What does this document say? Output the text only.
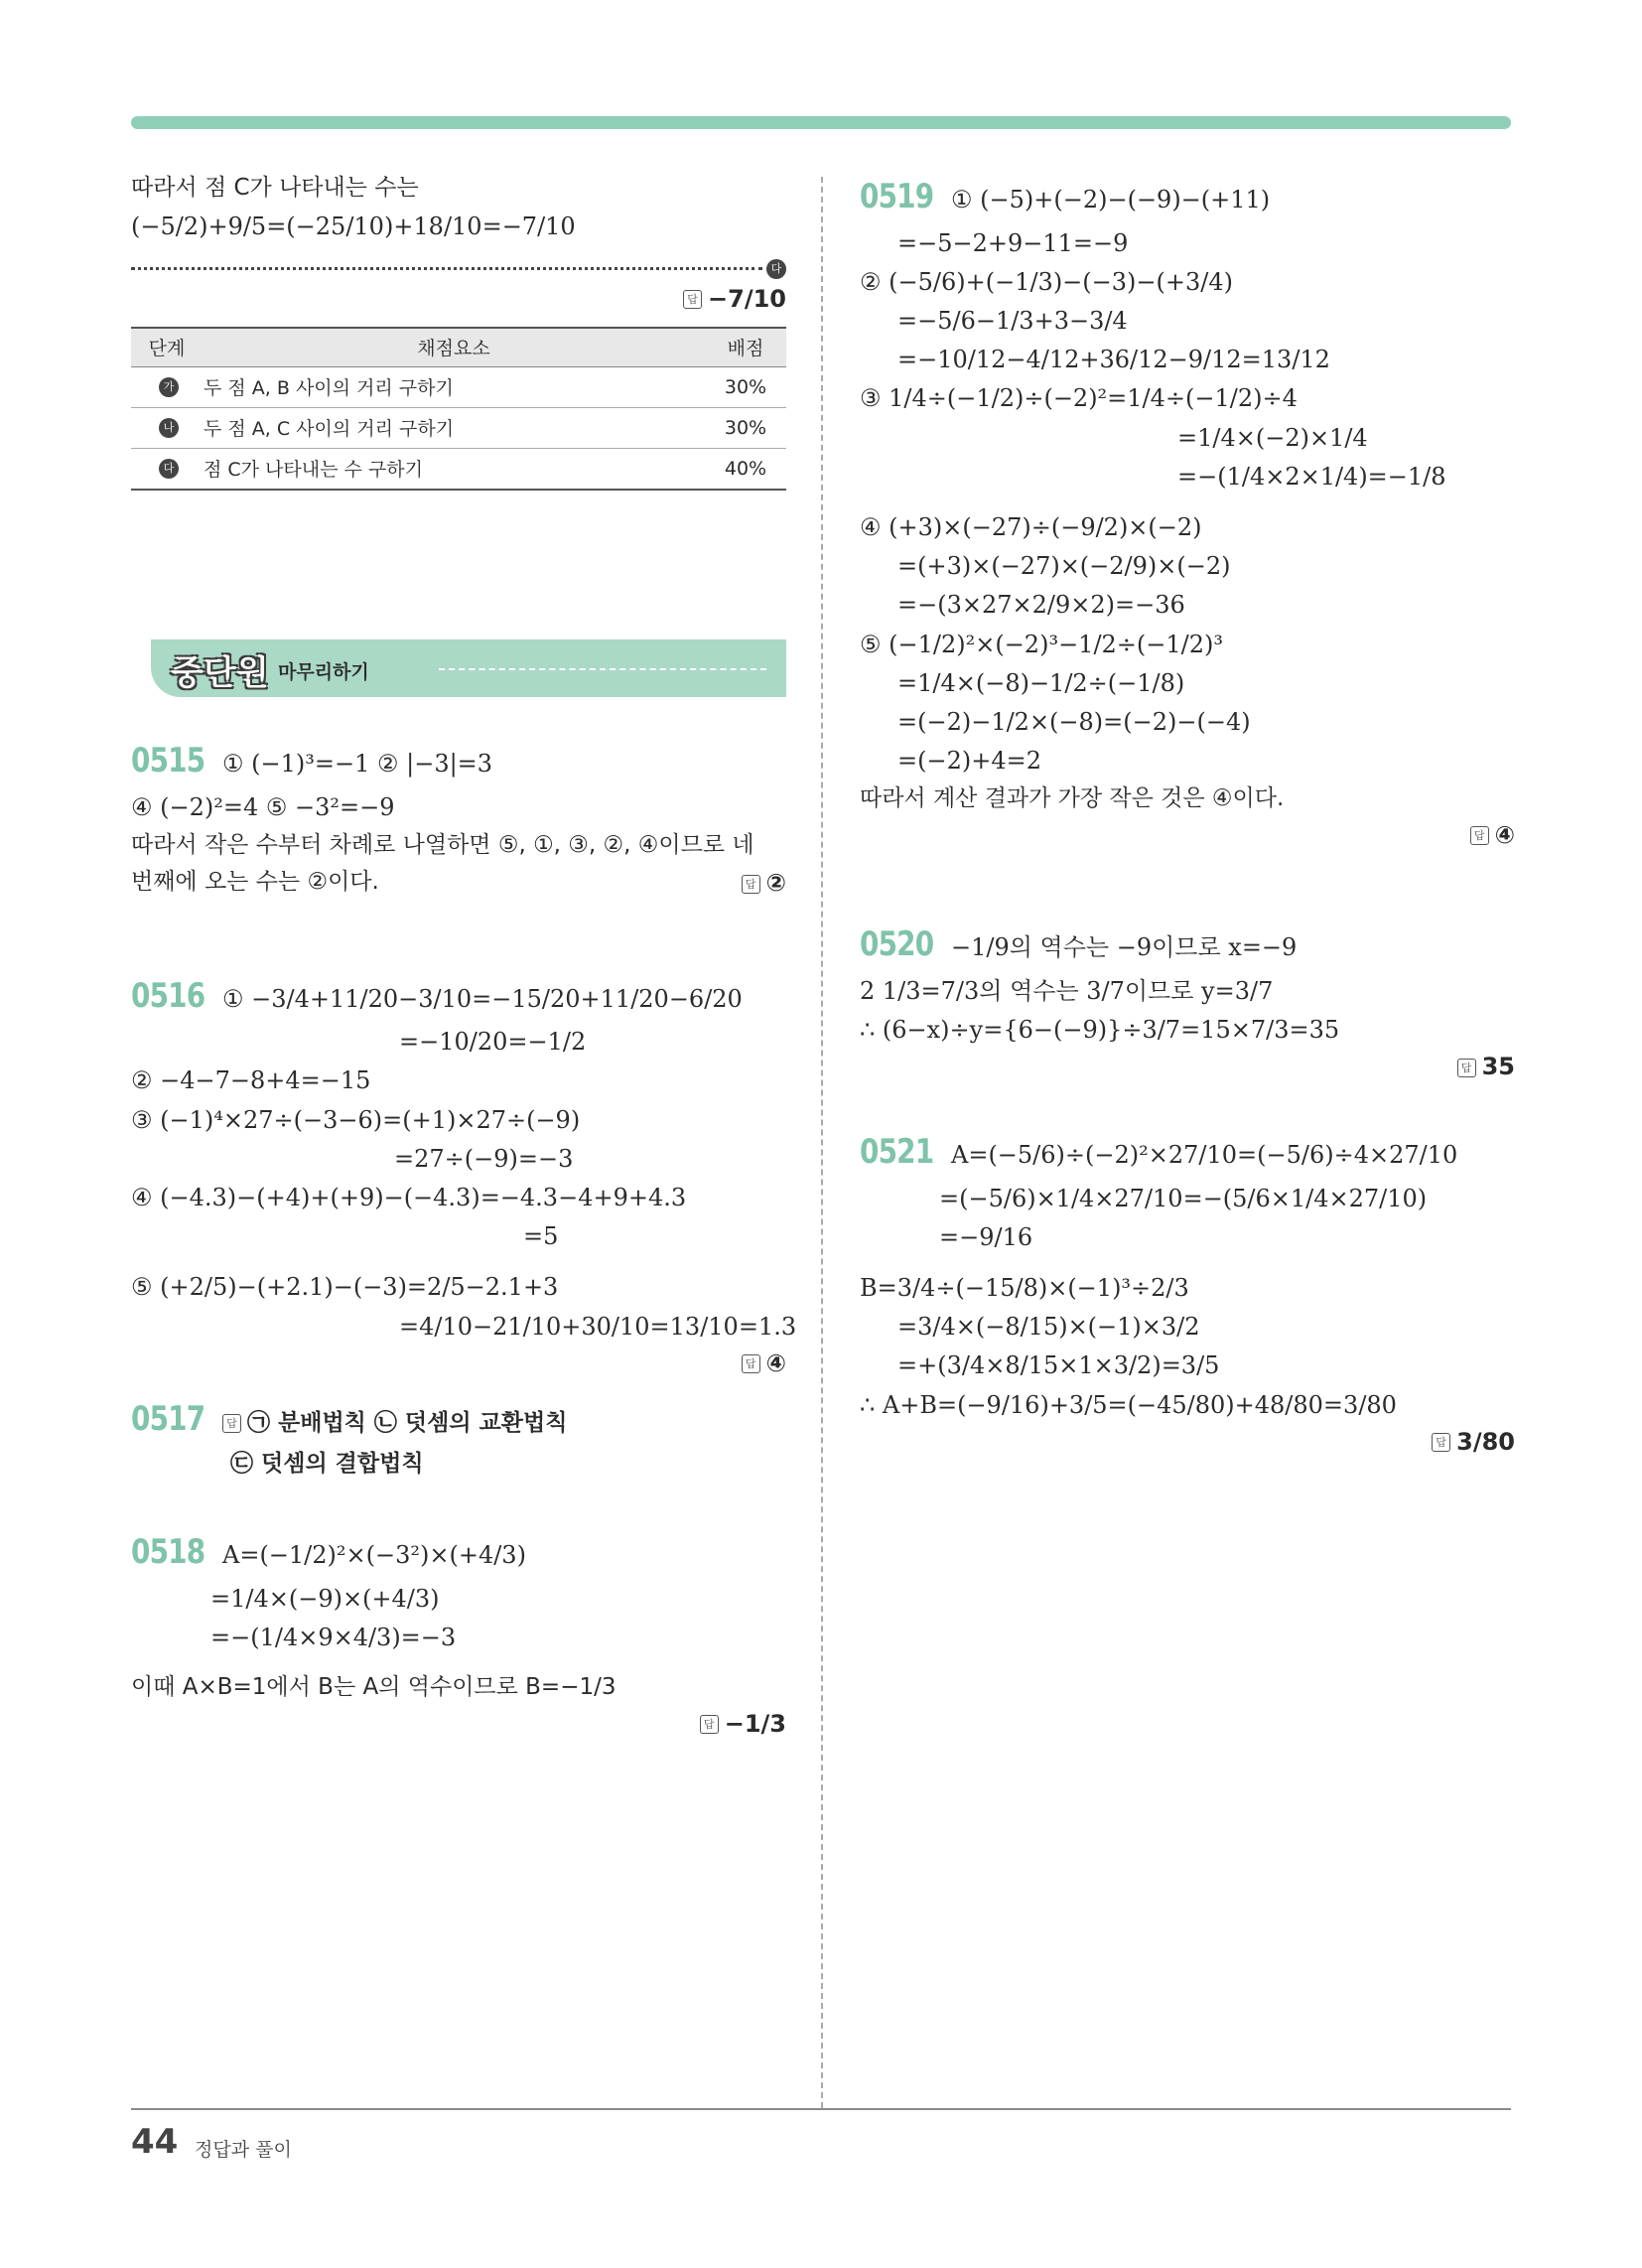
따라서 점 C가 나타내는 수는
(−5/2)+9/5=(−25/10)+18/10=−7/10
다
답 −7/10
단계	채점요소	배점
가	두 점 A, B 사이의 거리 구하기	30%
나	두 점 A, C 사이의 거리 구하기	30%
다	점 C가 나타내는 수 구하기	40%
중단원 마무리하기
0515 ① (−1)³=−1 ② |−3|=3
④ (−2)²=4 ⑤ −3²=−9
따라서 작은 수부터 차례로 나열하면 ⑤, ①, ③, ②, ④이므로 네
번째에 오는 수는 ②이다.	답 ②
0516 ① −3/4+11/20−3/10=−15/20+11/20−6/20
=−10/20=−1/2
② −4−7−8+4=−15
③ (−1)⁴×27÷(−3−6)=(+1)×27÷(−9)
=27÷(−9)=−3
④ (−4.3)−(+4)+(+9)−(−4.3)=−4.3−4+9+4.3
=5
⑤ (+2/5)−(+2.1)−(−3)=2/5−2.1+3
=4/10−21/10+30/10=13/10=1.3
답 ④
0517 답 ㉠ 분배법칙 ㉡ 덧셈의 교환법칙
㉢ 덧셈의 결합법칙
0518 A=(−1/2)²×(−3²)×(+4/3)
=1/4×(−9)×(+4/3)
=−(1/4×9×4/3)=−3
이때 A×B=1에서 B는 A의 역수이므로 B=−1/3
답 −1/3
0519 ① (−5)+(−2)−(−9)−(+11)
=−5−2+9−11=−9
② (−5/6)+(−1/3)−(−3)−(+3/4)
=−5/6−1/3+3−3/4
=−10/12−4/12+36/12−9/12=13/12
③ 1/4÷(−1/2)÷(−2)²=1/4÷(−1/2)÷4
=1/4×(−2)×1/4
=−(1/4×2×1/4)=−1/8
④ (+3)×(−27)÷(−9/2)×(−2)
=(+3)×(−27)×(−2/9)×(−2)
=−(3×27×2/9×2)=−36
⑤ (−1/2)²×(−2)³−1/2÷(−1/2)³
=1/4×(−8)−1/2÷(−1/8)
=(−2)−1/2×(−8)=(−2)−(−4)
=(−2)+4=2
따라서 계산 결과가 가장 작은 것은 ④이다.
답 ④
0520 −1/9의 역수는 −9이므로 x=−9
2 1/3=7/3의 역수는 3/7이므로 y=3/7
∴ (6−x)÷y={6−(−9)}÷3/7=15×7/3=35
답 35
0521 A=(−5/6)÷(−2)²×27/10=(−5/6)÷4×27/10
=(−5/6)×1/4×27/10=−(5/6×1/4×27/10)
=−9/16
B=3/4÷(−15/8)×(−1)³÷2/3
=3/4×(−8/15)×(−1)×3/2
=+(3/4×8/15×1×3/2)=3/5
∴ A+B=(−9/16)+3/5=(−45/80)+48/80=3/80
답 3/80
44 정답과 풀이
